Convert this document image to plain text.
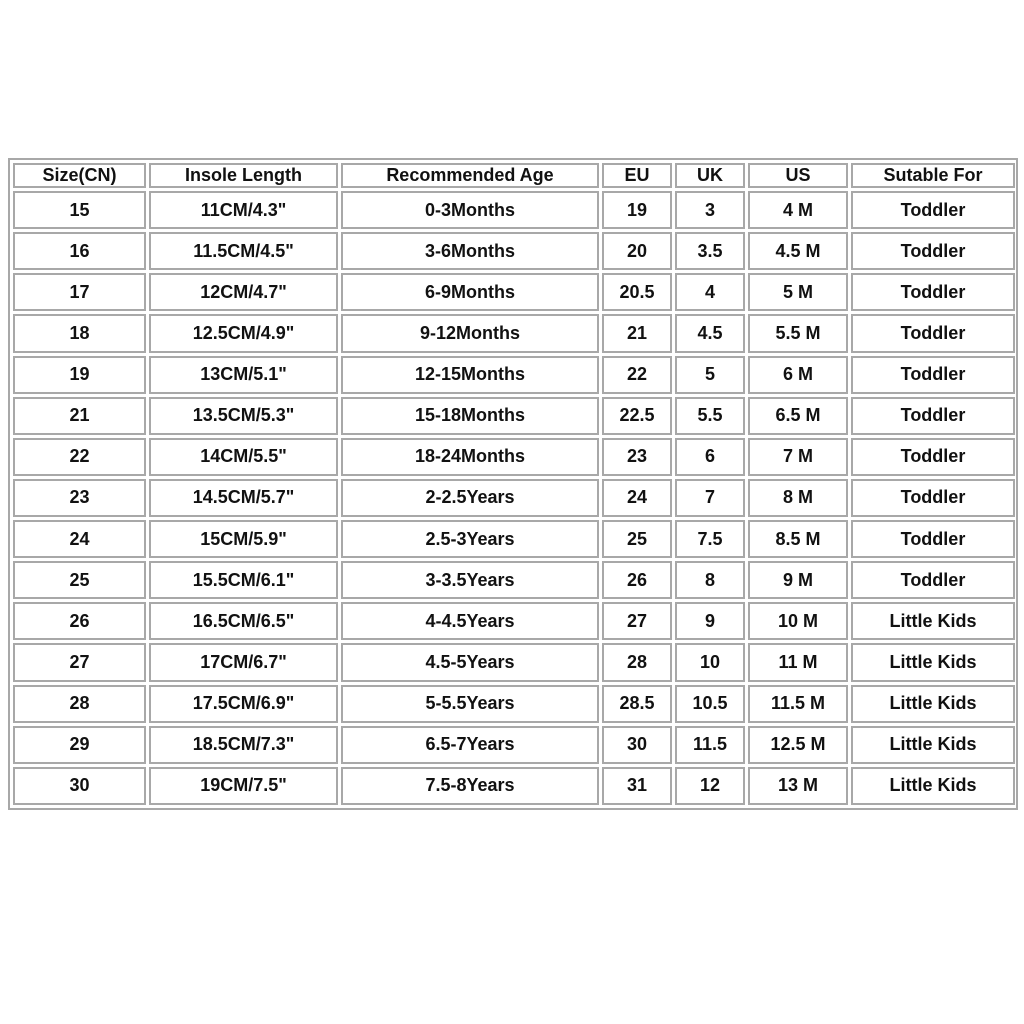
Size(CN)	Insole Length	Recommended Age	EU	UK	US	Sutable For
15	11CM/4.3"	0-3Months	19	3	4 M	Toddler
16	11.5CM/4.5"	3-6Months	20	3.5	4.5 M	Toddler
17	12CM/4.7"	6-9Months	20.5	4	5 M	Toddler
18	12.5CM/4.9"	9-12Months	21	4.5	5.5 M	Toddler
19	13CM/5.1"	12-15Months	22	5	6 M	Toddler
21	13.5CM/5.3"	15-18Months	22.5	5.5	6.5 M	Toddler
22	14CM/5.5"	18-24Months	23	6	7 M	Toddler
23	14.5CM/5.7"	2-2.5Years	24	7	8 M	Toddler
24	15CM/5.9"	2.5-3Years	25	7.5	8.5 M	Toddler
25	15.5CM/6.1"	3-3.5Years	26	8	9 M	Toddler
26	16.5CM/6.5"	4-4.5Years	27	9	10 M	Little Kids
27	17CM/6.7"	4.5-5Years	28	10	11 M	Little Kids
28	17.5CM/6.9"	5-5.5Years	28.5	10.5	11.5 M	Little Kids
29	18.5CM/7.3"	6.5-7Years	30	11.5	12.5 M	Little Kids
30	19CM/7.5"	7.5-8Years	31	12	13 M	Little Kids
